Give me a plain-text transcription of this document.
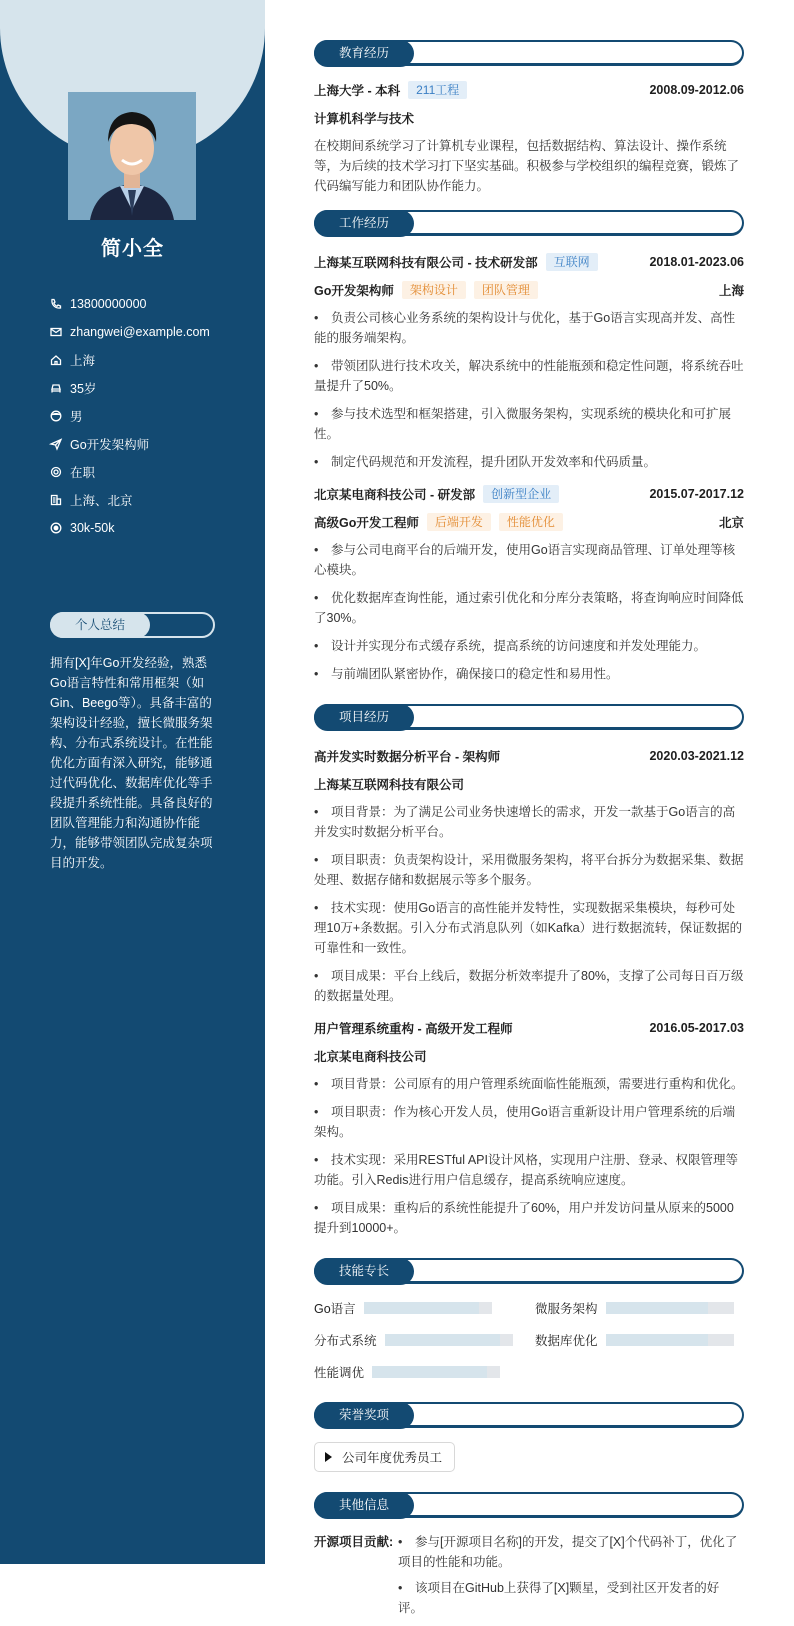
简小全
13800000000
zhangwei@example.com
上海
35岁
男
Go开发架构师
在职
上海、北京
30k-50k
个人总结
拥有[X]年Go开发经验，熟悉Go语言特性和常用框架（如Gin、Beego等）。具备丰富的架构设计经验，擅长微服务架构、分布式系统设计。在性能优化方面有深入研究，能够通过代码优化、数据库优化等手段提升系统性能。具备良好的团队管理能力和沟通协作能力，能够带领团队完成复杂项目的开发。
教育经历
上海大学 - 本科	211工程	2008.09-2012.06
计算机科学与技术

在校期间系统学习了计算机专业课程，包括数据结构、算法设计、操作系统等，为后续的技术学习打下坚实基础。积极参与学校组织的编程竞赛，锻炼了代码编写能力和团队协作能力。

工作经历
上海某互联网科技有限公司 - 技术研发部	互联网	2018.01-2023.06
Go开发架构师	架构设计	团队管理	上海
• 负责公司核心业务系统的架构设计与优化，基于Go语言实现高并发、高性能的服务端架构。
• 带领团队进行技术攻关，解决系统中的性能瓶颈和稳定性问题，将系统吞吐量提升了50%。
• 参与技术选型和框架搭建，引入微服务架构，实现系统的模块化和可扩展性。
• 制定代码规范和开发流程，提升团队开发效率和代码质量。
北京某电商科技公司 - 研发部	创新型企业	2015.07-2017.12
高级Go开发工程师	后端开发	性能优化	北京
• 参与公司电商平台的后端开发，使用Go语言实现商品管理、订单处理等核心模块。
• 优化数据库查询性能，通过索引优化和分库分表策略，将查询响应时间降低了30%。
• 设计并实现分布式缓存系统，提高系统的访问速度和并发处理能力。
• 与前端团队紧密协作，确保接口的稳定性和易用性。
项目经历
高并发实时数据分析平台 - 架构师	2020.03-2021.12
上海某互联网科技有限公司
• 项目背景：为了满足公司业务快速增长的需求，开发一款基于Go语言的高并发实时数据分析平台。
• 项目职责：负责架构设计，采用微服务架构，将平台拆分为数据采集、数据处理、数据存储和数据展示等多个服务。
• 技术实现：使用Go语言的高性能并发特性，实现数据采集模块，每秒可处理10万+条数据。引入分布式消息队列（如Kafka）进行数据流转，保证数据的可靠性和一致性。
• 项目成果：平台上线后，数据分析效率提升了80%，支撑了公司每日百万级的数据量处理。
用户管理系统重构 - 高级开发工程师	2016.05-2017.03
北京某电商科技公司
• 项目背景：公司原有的用户管理系统面临性能瓶颈，需要进行重构和优化。
• 项目职责：作为核心开发人员，使用Go语言重新设计用户管理系统的后端架构。
• 技术实现：采用RESTful API设计风格，实现用户注册、登录、权限管理等功能。引入Redis进行用户信息缓存，提高系统响应速度。
• 项目成果：重构后的系统性能提升了60%，用户并发访问量从原来的5000提升到10000+。
技能专长
Go语言	微服务架构
分布式系统	数据库优化
性能调优
荣誉奖项
公司年度优秀员工
其他信息
开源项目贡献: • 参与[开源项目名称]的开发，提交了[X]个代码补丁，优化了项目的性能和功能。
• 该项目在GitHub上获得了[X]颗星，受到社区开发者的好评。
